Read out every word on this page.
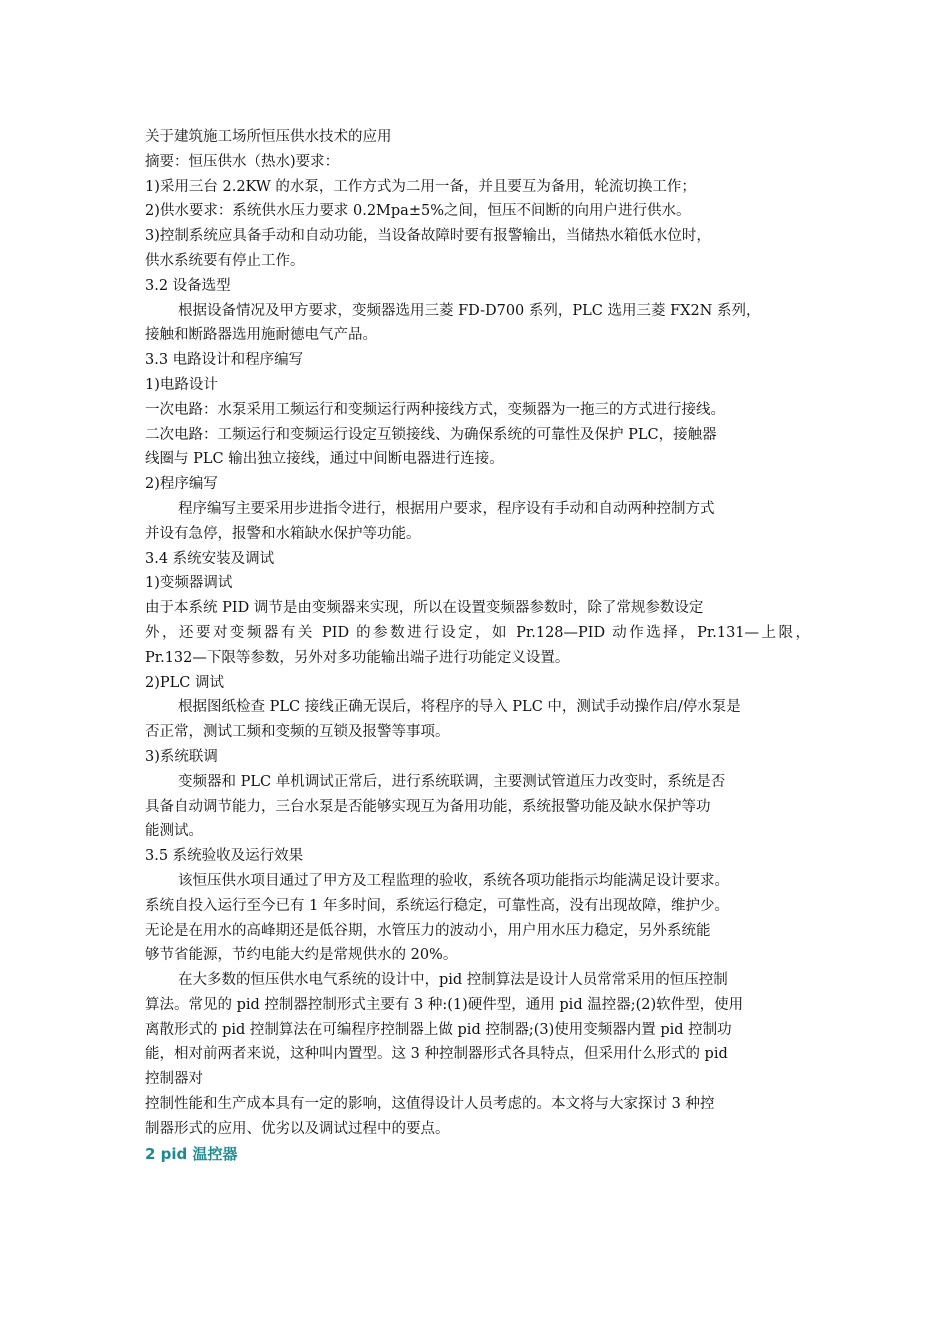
关于建筑施工场所恒压供水技术的应用
摘要：恒压供水（热水)要求：
1)采用三台 2.2KW 的水泵，工作方式为二用一备，并且要互为备用，轮流切换工作；
2)供水要求：系统供水压力要求 0.2Mpa±5%之间，恒压不间断的向用户进行供水。
3)控制系统应具备手动和自动功能，当设备故障时要有报警输出，当储热水箱低水位时，
供水系统要有停止工作。
3.2 设备选型
根据设备情况及甲方要求，变频器选用三菱 FD-D700 系列，PLC 选用三菱 FX2N 系列，
接触和断路器选用施耐德电气产品。
3.3 电路设计和程序编写
1)电路设计
一次电路：水泵采用工频运行和变频运行两种接线方式，变频器为一拖三的方式进行接线。
二次电路：工频运行和变频运行设定互锁接线、为确保系统的可靠性及保护 PLC，接触器
线圈与 PLC 输出独立接线，通过中间断电器进行连接。
2)程序编写
程序编写主要采用步进指令进行，根据用户要求，程序设有手动和自动两种控制方式
并设有急停，报警和水箱缺水保护等功能。
3.4 系统安装及调试
1)变频器调试
由于本系统 PID 调节是由变频器来实现，所以在设置变频器参数时，除了常规参数设定
外，还要对变频器有关 PID 的参数进行设定，如 Pr.128—PID 动作选择，Pr.131—上限，
Pr.132—下限等参数，另外对多功能输出端子进行功能定义设置。
2)PLC 调试
根据图纸检查 PLC 接线正确无误后，将程序的导入 PLC 中，测试手动操作启/停水泵是
否正常，测试工频和变频的互锁及报警等事项。
3)系统联调
变频器和 PLC 单机调试正常后，进行系统联调，主要测试管道压力改变时，系统是否
具备自动调节能力，三台水泵是否能够实现互为备用功能，系统报警功能及缺水保护等功
能测试。
3.5 系统验收及运行效果
该恒压供水项目通过了甲方及工程监理的验收，系统各项功能指示均能满足设计要求。
系统自投入运行至今已有 1 年多时间，系统运行稳定，可靠性高，没有出现故障，维护少。
无论是在用水的高峰期还是低谷期，水管压力的波动小，用户用水压力稳定，另外系统能
够节省能源，节约电能大约是常规供水的 20%。
在大多数的恒压供水电气系统的设计中，pid 控制算法是设计人员常常采用的恒压控制
算法。常见的 pid 控制器控制形式主要有 3 种:(1)硬件型，通用 pid 温控器;(2)软件型，使用
离散形式的 pid 控制算法在可编程序控制器上做 pid 控制器;(3)使用变频器内置 pid 控制功
能，相对前两者来说，这种叫内置型。这 3 种控制器形式各具特点，但采用什么形式的 pid
控制器对
控制性能和生产成本具有一定的影响，这值得设计人员考虑的。本文将与大家探讨 3 种控
制器形式的应用、优劣以及调试过程中的要点。
2 pid 温控器
